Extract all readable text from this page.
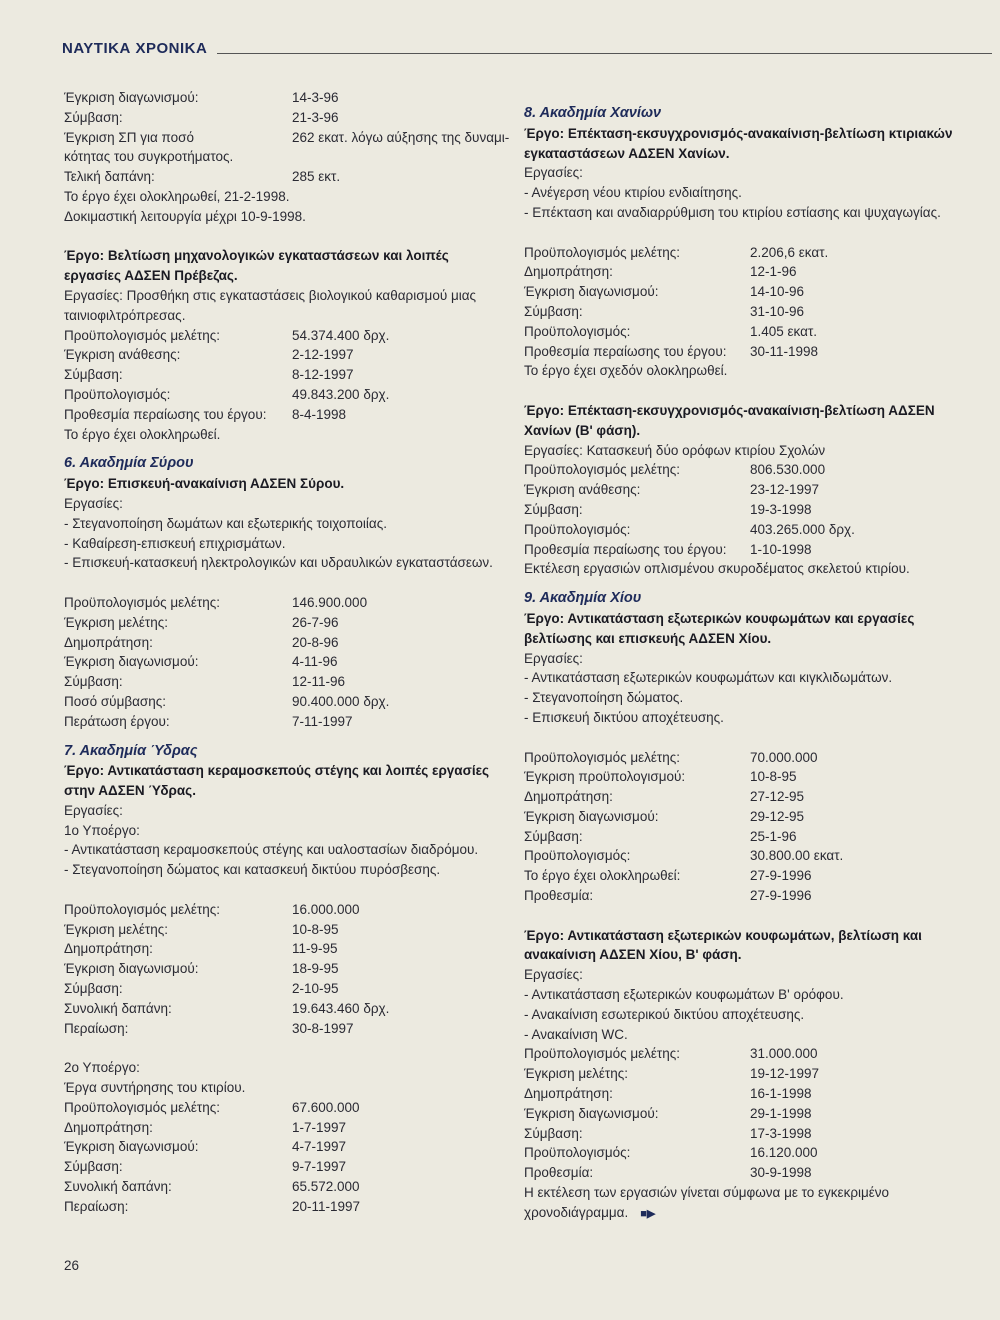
ΝΑΥΤΙΚΑ ΧΡΟΝΙΚΑ
Έγκριση διαγωνισμού:	14-3-96
Σύμβαση:	21-3-96
Έγκριση ΣΠ για ποσό	262 εκατ. λόγω αύξησης της δυναμι-
κότητας του συγκροτήματος.
Τελική δαπάνη:	285 εκτ.
Το έργο έχει ολοκληρωθεί, 21-2-1998.
Δοκιμαστική λειτουργία μέχρι 10-9-1998.
Έργο: Βελτίωση μηχανολογικών εγκαταστάσεων και λοιπές εργασίες ΑΔΣΕΝ Πρέβεζας.
Εργασίες: Προσθήκη στις εγκαταστάσεις βιολογικού καθαρισμού μιας ταινιοφιλτρόπρεσας.
Προϋπολογισμός μελέτης:	54.374.400 δρχ.
Έγκριση ανάθεσης:	2-12-1997
Σύμβαση:	8-12-1997
Προϋπολογισμός:	49.843.200 δρχ.
Προθεσμία περαίωσης του έργου: 8-4-1998
Το έργο έχει ολοκληρωθεί.
6. Ακαδημία Σύρου
Έργο: Επισκευή-ανακαίνιση ΑΔΣΕΝ Σύρου.
Εργασίες:
- Στεγανοποίηση δωμάτων και εξωτερικής τοιχοποιίας.
- Καθαίρεση-επισκευή επιχρισμάτων.
- Επισκευή-κατασκευή ηλεκτρολογικών και υδραυλικών εγκαταστάσεων.
Προϋπολογισμός μελέτης:	146.900.000
Έγκριση μελέτης:	26-7-96
Δημοπράτηση:	20-8-96
Έγκριση διαγωνισμού:	4-11-96
Σύμβαση:	12-11-96
Ποσό σύμβασης:	90.400.000 δρχ.
Περάτωση έργου:	7-11-1997
7. Ακαδημία Ύδρας
Έργο: Αντικατάσταση κεραμοσκεπούς στέγης και λοιπές εργασίες στην ΑΔΣΕΝ Ύδρας.
Εργασίες:
1ο Υποέργο:
- Αντικατάσταση κεραμοσκεπούς στέγης και υαλοστασίων διαδρόμου.
- Στεγανοποίηση δώματος και κατασκευή δικτύου πυρόσβεσης.
Προϋπολογισμός μελέτης:	16.000.000
Έγκριση μελέτης:	10-8-95
Δημοπράτηση:	11-9-95
Έγκριση διαγωνισμού:	18-9-95
Σύμβαση:	2-10-95
Συνολική δαπάνη:	19.643.460 δρχ.
Περαίωση:	30-8-1997
2ο Υποέργο:
Έργα συντήρησης του κτιρίου.
Προϋπολογισμός μελέτης:	67.600.000
Δημοπράτηση:	1-7-1997
Έγκριση διαγωνισμού:	4-7-1997
Σύμβαση:	9-7-1997
Συνολική δαπάνη:	65.572.000
Περαίωση:	20-11-1997
8. Ακαδημία Χανίων
Έργο: Επέκταση-εκσυγχρονισμός-ανακαίνιση-βελτίωση κτιριακών εγκαταστάσεων ΑΔΣΕΝ Χανίων.
Εργασίες:
- Ανέγερση νέου κτιρίου ενδιαίτησης.
- Επέκταση και αναδιαρρύθμιση του κτιρίου εστίασης και ψυχαγωγίας.
Προϋπολογισμός μελέτης:	2.206,6 εκατ.
Δημοπράτηση:	12-1-96
Έγκριση διαγωνισμού:	14-10-96
Σύμβαση:	31-10-96
Προϋπολογισμός:	1.405 εκατ.
Προθεσμία περαίωσης του έργου: 30-11-1998
Το έργο έχει σχεδόν ολοκληρωθεί.
Έργο: Επέκταση-εκσυγχρονισμός-ανακαίνιση-βελτίωση ΑΔΣΕΝ Χανίων (Β' φάση).
Εργασίες: Κατασκευή δύο ορόφων κτιρίου Σχολών
Προϋπολογισμός μελέτης:	806.530.000
Έγκριση ανάθεσης:	23-12-1997
Σύμβαση:	19-3-1998
Προϋπολογισμός:	403.265.000 δρχ.
Προθεσμία περαίωσης του έργου: 1-10-1998
Εκτέλεση εργασιών οπλισμένου σκυροδέματος σκελετού κτιρίου.
9. Ακαδημία Χίου
Έργο: Αντικατάσταση εξωτερικών κουφωμάτων και εργασίες βελτίωσης και επισκευής ΑΔΣΕΝ Χίου.
Εργασίες:
- Αντικατάσταση εξωτερικών κουφωμάτων και κιγκλιδωμάτων.
- Στεγανοποίηση δώματος.
- Επισκευή δικτύου αποχέτευσης.
Προϋπολογισμός μελέτης:	70.000.000
Έγκριση προϋπολογισμού:	10-8-95
Δημοπράτηση:	27-12-95
Έγκριση διαγωνισμού:	29-12-95
Σύμβαση:	25-1-96
Προϋπολογισμός:	30.800.00 εκατ.
Το έργο έχει ολοκληρωθεί:	27-9-1996
Προθεσμία:	27-9-1996
Έργο: Αντικατάσταση εξωτερικών κουφωμάτων, βελτίωση και ανακαίνιση ΑΔΣΕΝ Χίου, Β' φάση.
Εργασίες:
- Αντικατάσταση εξωτερικών κουφωμάτων Β' ορόφου.
- Ανακαίνιση εσωτερικού δικτύου αποχέτευσης.
- Ανακαίνιση WC.
Προϋπολογισμός μελέτης:	31.000.000
Έγκριση μελέτης:	19-12-1997
Δημοπράτηση:	16-1-1998
Έγκριση διαγωνισμού:	29-1-1998
Σύμβαση:	17-3-1998
Προϋπολογισμός:	16.120.000
Προθεσμία:	30-9-1998
Η εκτέλεση των εργασιών γίνεται σύμφωνα με το εγκεκριμένο χρονοδιάγραμμα. ■▶
26
